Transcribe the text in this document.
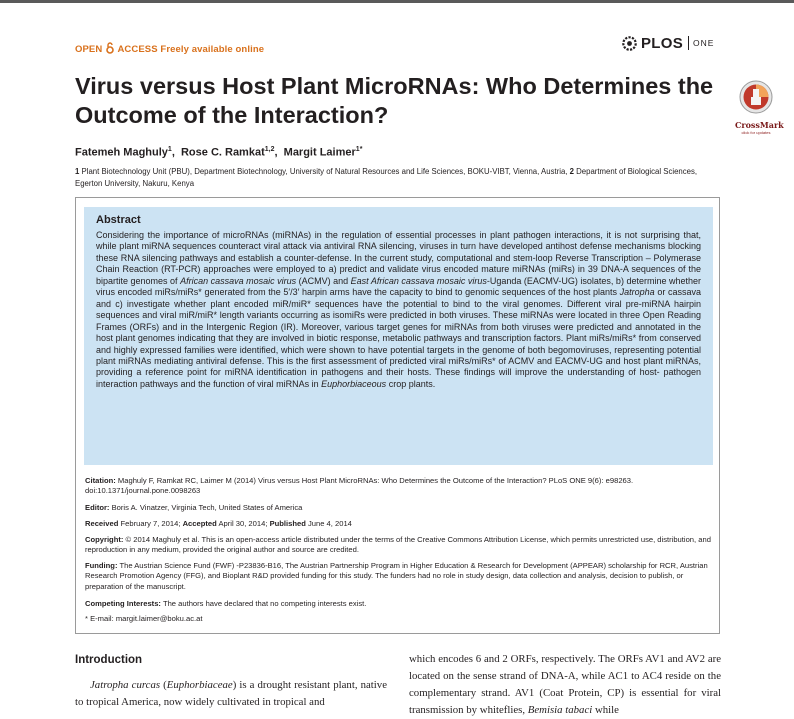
OPEN ACCESS Freely available online	PLOS ONE
Virus versus Host Plant MicroRNAs: Who Determines the Outcome of the Interaction?	CrossMark
click for updates
Fatemeh Maghuly$^1$,  Rose C. Ramkat$^{1,2}$,  Margit Laimer$^{1*}$
1 Plant Biotechnology Unit (PBU), Department Biotechnology, University of Natural Resources and Life Sciences, BOKU-VIBT, Vienna, Austria, 2 Department of Biological Sciences, Egerton University, Nakuru, Kenya
Abstract

Considering the importance of microRNAs (miRNAs) in the regulation of essential processes in plant pathogen interactions, it is not surprising that, while plant miRNA sequences counteract viral attack via antiviral RNA silencing, viruses in turn have developed antihost defense mechanisms blocking these RNA silencing pathways and establish a counter-defense. In the current study, computational and stem-loop Reverse Transcription – Polymerase Chain Reaction (RT-PCR) approaches were employed to a) predict and validate virus encoded mature miRNAs (miRs) in 39 DNA-A sequences of the bipartite genomes of African cassava mosaic virus (ACMV) and East African cassava mosaic virus-Uganda (EACMV-UG) isolates, b) determine whether virus encoded miRs/miRs* generated from the 5′/3′ harpin arms have the capacity to bind to genomic sequences of the host plants Jatropha or cassava and c) investigate whether plant encoded miR/miR* sequences have the potential to bind to the viral genomes. Different viral pre-miRNA hairpin sequences and viral miR/miR* length variants occurring as isomiRs were predicted in both viruses. These miRNAs were located in three Open Reading Frames (ORFs) and in the Intergenic Region (IR). Moreover, various target genes for miRNAs from both viruses were predicted and annotated in the host plant genomes indicating that they are involved in biotic response, metabolic pathways and transcription factors. Plant miRs/miRs* from conserved and highly expressed families were identified, which were shown to have potential targets in the genome of both begomoviruses, representing potential plant miRNAs mediating antiviral defense. This is the first assessment of predicted viral miRs/miRs* of ACMV and EACMV-UG and host plant miRNAs, providing a reference point for miRNA identification in pathogens and their hosts. These findings will improve the understanding of host- pathogen interaction pathways and the function of viral miRNAs in Euphorbiaceous crop plants.

Citation: Maghuly F, Ramkat RC, Laimer M (2014) Virus versus Host Plant MicroRNAs: Who Determines the Outcome of the Interaction? PLoS ONE 9(6): e98263. doi:10.1371/journal.pone.0098263

Editor: Boris A. Vinatzer, Virginia Tech, United States of America

Received February 7, 2014; Accepted April 30, 2014; Published June 4, 2014

Copyright: © 2014 Maghuly et al. This is an open-access article distributed under the terms of the Creative Commons Attribution License, which permits unrestricted use, distribution, and reproduction in any medium, provided the original author and source are credited.

Funding: The Austrian Science Fund (FWF) -P23836-B16, The Austrian Partnership Program in Higher Education & Research for Development (APPEAR) scholarship for RCR, Austrian Research Promotion Agency (FFG), and Bioplant R&D provided funding for this study. The funders had no role in study design, data collection and analysis, decision to publish, or preparation of the manuscript.

Competing Interests: The authors have declared that no competing interests exist.

* E-mail: margit.laimer@boku.ac.at

Introduction

Jatropha curcas (Euphorbiaceae) is a drought resistant plant, native to tropical America, now widely cultivated in tropical and

which encodes 6 and 2 ORFs, respectively. The ORFs AV1 and AV2 are located on the sense strand of DNA-A, while AC1 to AC4 reside on the complementary strand. AV1 (Coat Protein, CP) is essential for viral transmission by whiteflies, Bemisia tabaci while
